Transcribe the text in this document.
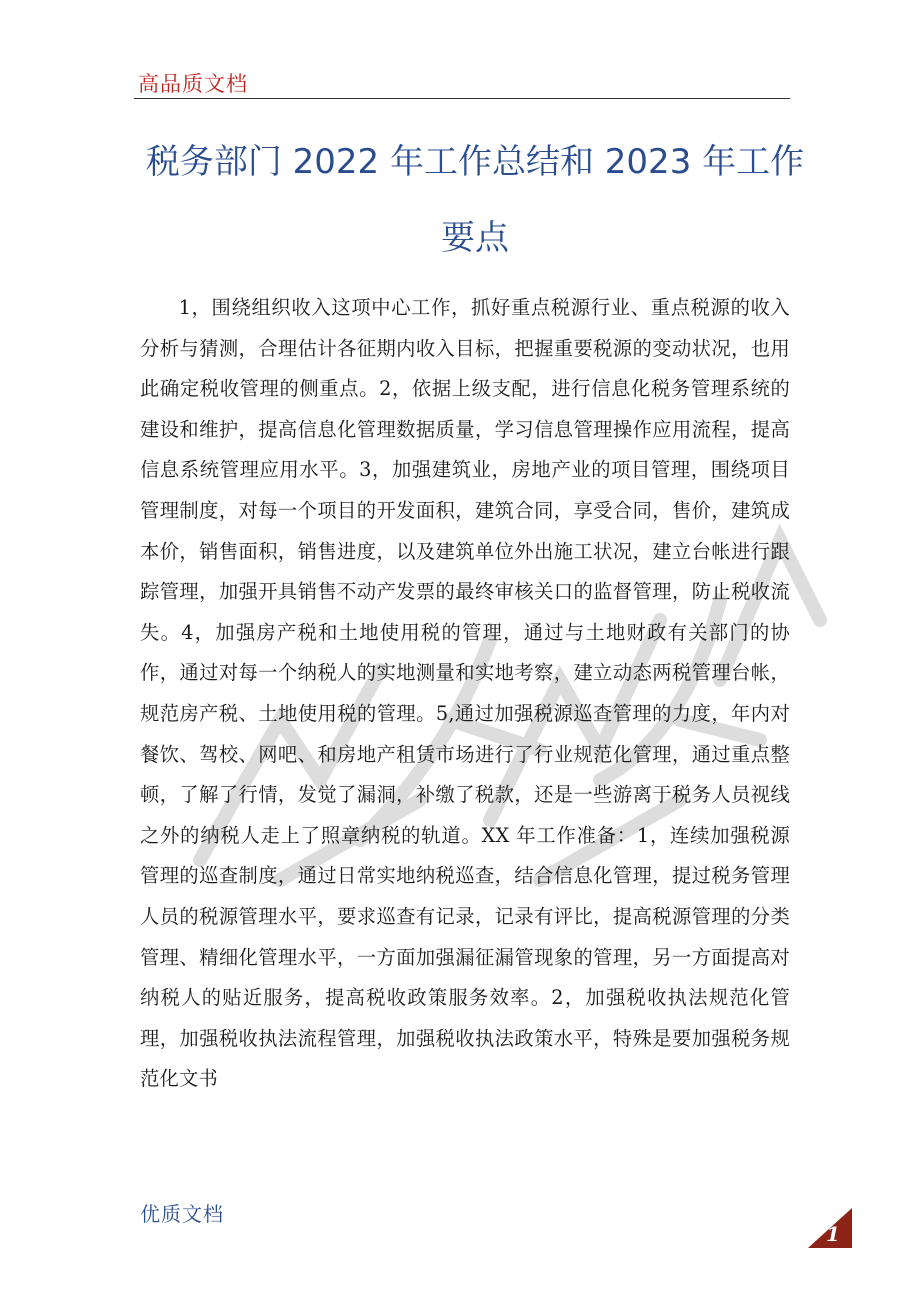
高品质文档
税务部门 2022 年工作总结和 2023 年工作
要点

1，围绕组织收入这项中心工作，抓好重点税源行业、重点税源的收入分析与猜测，合理估计各征期内收入目标，把握重要税源的变动状况，也用此确定税收管理的侧重点。2，依据上级支配，进行信息化税务管理系统的建设和维护，提高信息化管理数据质量，学习信息管理操作应用流程，提高信息系统管理应用水平。3，加强建筑业，房地产业的项目管理，围绕项目管理制度，对每一个项目的开发面积，建筑合同，享受合同，售价，建筑成本价，销售面积，销售进度，以及建筑单位外出施工状况，建立台帐进行跟踪管理，加强开具销售不动产发票的最终审核关口的监督管理，防止税收流失。4，加强房产税和土地使用税的管理，通过与土地财政有关部门的协作，通过对每一个纳税人的实地测量和实地考察，建立动态两税管理台帐，规范房产税、土地使用税的管理。5,通过加强税源巡查管理的力度，年内对餐饮、驾校、网吧、和房地产租赁市场进行了行业规范化管理，通过重点整顿，了解了行情，发觉了漏洞，补缴了税款，还是一些游离于税务人员视线之外的纳税人走上了照章纳税的轨道。XX 年工作准备：1，连续加强税源管理的巡查制度，通过日常实地纳税巡查，结合信息化管理，提过税务管理人员的税源管理水平，要求巡查有记录，记录有评比，提高税源管理的分类管理、精细化管理水平，一方面加强漏征漏管现象的管理，另一方面提高对纳税人的贴近服务，提高税收政策服务效率。2，加强税收执法规范化管理，加强税收执法流程管理，加强税收执法政策水平，特殊是要加强税务规范化文书

优质文档
1
